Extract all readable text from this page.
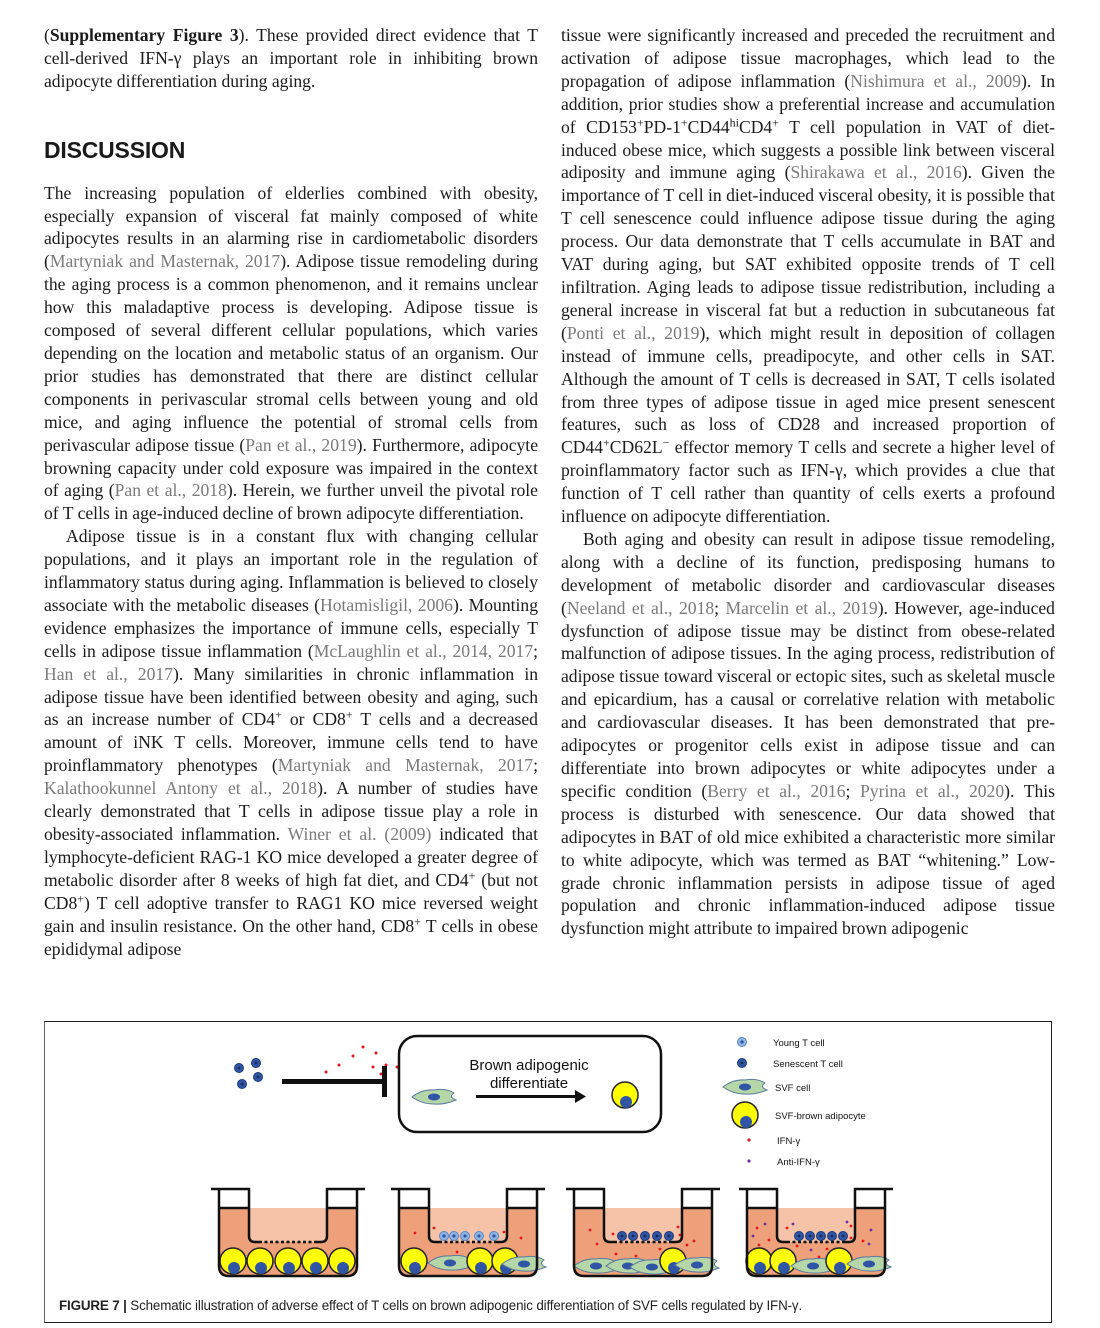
(Supplementary Figure 3). These provided direct evidence that T cell-derived IFN-γ plays an important role in inhibiting brown adipocyte differentiation during aging.

DISCUSSION

The increasing population of elderlies combined with obesity, especially expansion of visceral fat mainly composed of white adipocytes results in an alarming rise in cardiometabolic disorders (Martyniak and Masternak, 2017). Adipose tissue remodeling during the aging process is a common phenomenon, and it remains unclear how this maladaptive process is developing. Adipose tissue is composed of several different cellular populations, which varies depending on the location and metabolic status of an organism. Our prior studies has demonstrated that there are distinct cellular components in perivascular stromal cells between young and old mice, and aging influence the potential of stromal cells from perivascular adipose tissue (Pan et al., 2019). Furthermore, adipocyte browning capacity under cold exposure was impaired in the context of aging (Pan et al., 2018). Herein, we further unveil the pivotal role of T cells in age-induced decline of brown adipocyte differentiation.

Adipose tissue is in a constant flux with changing cellular populations, and it plays an important role in the regulation of inflammatory status during aging. Inflammation is believed to closely associate with the metabolic diseases (Hotamisligil, 2006). Mounting evidence emphasizes the importance of immune cells, especially T cells in adipose tissue inflammation (McLaughlin et al., 2014, 2017; Han et al., 2017). Many similarities in chronic inflammation in adipose tissue have been identified between obesity and aging, such as an increase number of CD4+ or CD8+ T cells and a decreased amount of iNK T cells. Moreover, immune cells tend to have proinflammatory phenotypes (Martyniak and Masternak, 2017; Kalathookunnel Antony et al., 2018). A number of studies have clearly demonstrated that T cells in adipose tissue play a role in obesity-associated inflammation. Winer et al. (2009) indicated that lymphocyte-deficient RAG-1 KO mice developed a greater degree of metabolic disorder after 8 weeks of high fat diet, and CD4+ (but not CD8+) T cell adoptive transfer to RAG1 KO mice reversed weight gain and insulin resistance. On the other hand, CD8+ T cells in obese epididymal adipose

tissue were significantly increased and preceded the recruitment and activation of adipose tissue macrophages, which lead to the propagation of adipose inflammation (Nishimura et al., 2009). In addition, prior studies show a preferential increase and accumulation of $CD153^+PD-1^+CD44^{hi}CD4^+$ T cell population in VAT of diet-induced obese mice, which suggests a possible link between visceral adiposity and immune aging (Shirakawa et al., 2016). Given the importance of T cell in diet-induced visceral obesity, it is possible that T cell senescence could influence adipose tissue during the aging process. Our data demonstrate that T cells accumulate in BAT and VAT during aging, but SAT exhibited opposite trends of T cell infiltration. Aging leads to adipose tissue redistribution, including a general increase in visceral fat but a reduction in subcutaneous fat (Ponti et al., 2019), which might result in deposition of collagen instead of immune cells, preadipocyte, and other cells in SAT. Although the amount of T cells is decreased in SAT, T cells isolated from three types of adipose tissue in aged mice present senescent features, such as loss of CD28 and increased proportion of CD44+CD62L− effector memory T cells and secrete a higher level of proinflammatory factor such as IFN-γ, which provides a clue that function of T cell rather than quantity of cells exerts a profound influence on adipocyte differentiation.

Both aging and obesity can result in adipose tissue remodeling, along with a decline of its function, predisposing humans to development of metabolic disorder and cardiovascular diseases (Neeland et al., 2018; Marcelin et al., 2019). However, age-induced dysfunction of adipose tissue may be distinct from obese-related malfunction of adipose tissues. In the aging process, redistribution of adipose tissue toward visceral or ectopic sites, such as skeletal muscle and epicardium, has a causal or correlative relation with metabolic and cardiovascular diseases. It has been demonstrated that pre-adipocytes or progenitor cells exist in adipose tissue and can differentiate into brown adipocytes or white adipocytes under a specific condition (Berry et al., 2016; Pyrina et al., 2020). This process is disturbed with senescence. Our data showed that adipocytes in BAT of old mice exhibited a characteristic more similar to white adipocyte, which was termed as BAT “whitening.” Low-grade chronic inflammation persists in adipose tissue of aged population and chronic inflammation-induced adipose tissue dysfunction might attribute to impaired brown adipogenic

Brown adipogenic
differentiate
Young T cell
Senescent T cell
SVF cell
SVF-brown adipocyte
IFN-γ
Anti-IFN-γ
FIGURE 7 | Schematic illustration of adverse effect of T cells on brown adipogenic differentiation of SVF cells regulated by IFN-γ.
